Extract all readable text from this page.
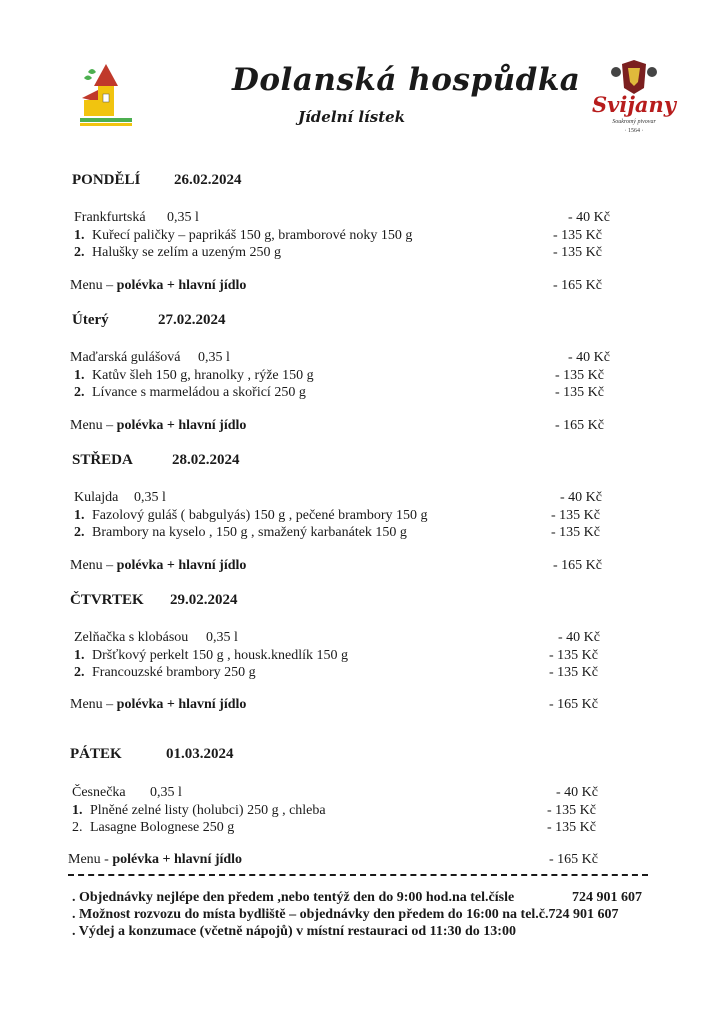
Dolanská hospůdka
Jídelní lístek	Svijany
Soukromý pivovar
· 1564 ·
PONDĚLÍ 26.02.2024
Frankfurtská 0,35 l	- 40 Kč
1. Kuřecí paličky – paprikáš 150 g, bramborové noky 150 g	- 135 Kč
2. Halušky se zelím a uzeným 250 g	- 135 Kč
Menu – polévka + hlavní jídlo	- 165 Kč
Úterý	27.02.2024
Maďarská gulášová 0,35 l	- 40 Kč
1. Katův šleh 150 g, hranolky , rýže 150 g	- 135 Kč
2. Lívance s marmeládou a skořicí 250 g	- 135 Kč
Menu – polévka + hlavní jídlo	- 165 Kč
STŘEDA	28.02.2024
Kulajda 0,35 l	- 40 Kč
1. Fazolový guláš ( babgulyás) 150 g , pečené brambory 150 g	- 135 Kč
2. Brambory na kyselo , 150 g , smažený karbanátek 150 g	- 135 Kč
Menu – polévka + hlavní jídlo	- 165 Kč
ČTVRTEK 29.02.2024
Zelňačka s klobásou 0,35 l	- 40 Kč
1. Dršťkový perkelt 150 g , housk.knedlík 150 g	- 135 Kč
2. Francouzské brambory 250 g	- 135 Kč
Menu – polévka + hlavní jídlo	- 165 Kč
PÁTEK	01.03.2024
Česnečka 0,35 l	- 40 Kč
1. Plněné zelné listy (holubci) 250 g , chleba	- 135 Kč
2. Lasagne Bolognese 250 g	- 135 Kč
Menu - polévka + hlavní jídlo	- 165 Kč
. Objednávky nejlépe den předem ,nebo tentýž den do 9:00 hod.na tel.čísle	724 901 607
. Možnost rozvozu do místa bydliště – objednávky den předem do 16:00 na tel.č.724 901 607
. Výdej a konzumace (včetně nápojů) v místní restauraci od 11:30 do 13:00
